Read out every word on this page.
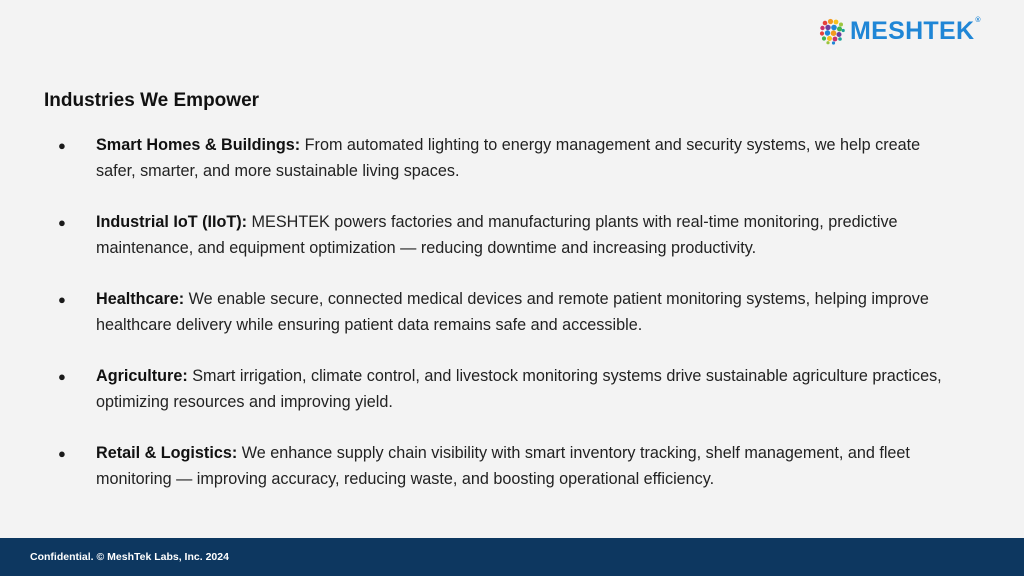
MESHTEK®
Industries We Empower
● Smart Homes & Buildings: From automated lighting to energy management and security systems, we help create safer, smarter, and more sustainable living spaces.
● Industrial IoT (IIoT): MESHTEK powers factories and manufacturing plants with real-time monitoring, predictive maintenance, and equipment optimization — reducing downtime and increasing productivity.
● Healthcare: We enable secure, connected medical devices and remote patient monitoring systems, helping improve healthcare delivery while ensuring patient data remains safe and accessible.
● Agriculture: Smart irrigation, climate control, and livestock monitoring systems drive sustainable agriculture practices, optimizing resources and improving yield.
● Retail & Logistics: We enhance supply chain visibility with smart inventory tracking, shelf management, and fleet monitoring — improving accuracy, reducing waste, and boosting operational efficiency.
Confidential. © MeshTek Labs, Inc. 2024
